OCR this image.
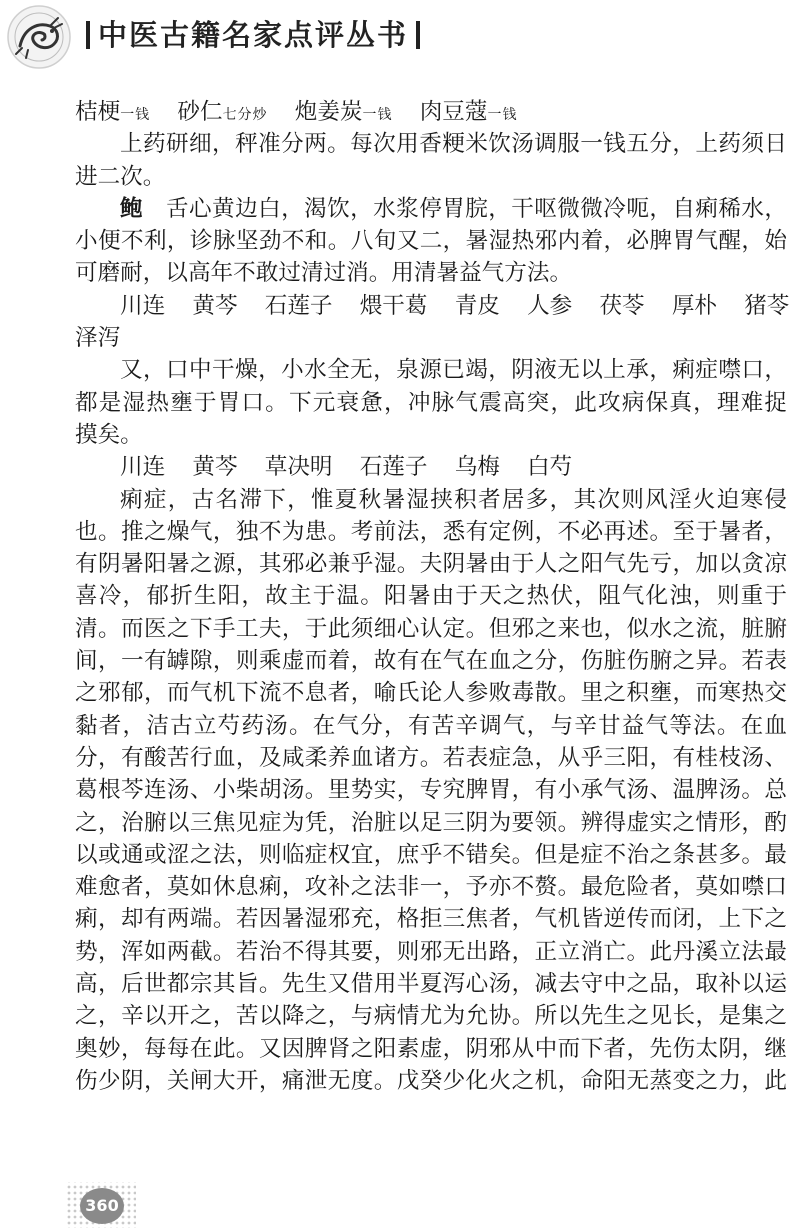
中医古籍名家点评丛书
桔梗一钱 砂仁七分炒 炮姜炭一钱 肉豆蔻一钱
上药研细，秤准分两。每次用香粳米饮汤调服一钱五分，上药须日
进二次。
鲍  舌心黄边白，渴饮，水浆停胃脘，干呕微微冷呃，自痢稀水，
小便不利，诊脉坚劲不和。八旬又二，暑湿热邪内着，必脾胃气醒，始
可磨耐，以高年不敢过清过消。用清暑益气方法。
川连 黄芩 石莲子 煨干葛 青皮 人参 茯苓 厚朴 猪苓
泽泻
又，口中干燥，小水全无，泉源已竭，阴液无以上承，痢症噤口，
都是湿热壅于胃口。下元衰惫，冲脉气震高突，此攻病保真，理难捉
摸矣。
川连 黄芩 草决明 石莲子 乌梅 白芍
痢症，古名滞下，惟夏秋暑湿挟积者居多，其次则风淫火迫寒侵
也。推之燥气，独不为患。考前法，悉有定例，不必再述。至于暑者，
有阴暑阳暑之源，其邪必兼乎湿。夫阴暑由于人之阳气先亏，加以贪凉
喜冷，郁折生阳，故主于温。阳暑由于天之热伏，阻气化浊，则重于
清。而医之下手工夫，于此须细心认定。但邪之来也，似水之流，脏腑
间，一有罅隙，则乘虚而着，故有在气在血之分，伤脏伤腑之异。若表
之邪郁，而气机下流不息者，喻氏论人参败毒散。里之积壅，而寒热交
黏者，洁古立芍药汤。在气分，有苦辛调气，与辛甘益气等法。在血
分，有酸苦行血，及咸柔养血诸方。若表症急，从乎三阳，有桂枝汤、
葛根芩连汤、小柴胡汤。里势实，专究脾胃，有小承气汤、温脾汤。总
之，治腑以三焦见症为凭，治脏以足三阴为要领。辨得虚实之情形，酌
以或通或涩之法，则临症权宜，庶乎不错矣。但是症不治之条甚多。最
难愈者，莫如休息痢，攻补之法非一，予亦不赘。最危险者，莫如噤口
痢，却有两端。若因暑湿邪充，格拒三焦者，气机皆逆传而闭，上下之
势，浑如两截。若治不得其要，则邪无出路，正立消亡。此丹溪立法最
高，后世都宗其旨。先生又借用半夏泻心汤，减去守中之品，取补以运
之，辛以开之，苦以降之，与病情尤为允协。所以先生之见长，是集之
奥妙，每每在此。又因脾肾之阳素虚，阴邪从中而下者，先伤太阴，继
伤少阴，关闸大开，痛泄无度。戊癸少化火之机，命阳无蒸变之力，此
360
